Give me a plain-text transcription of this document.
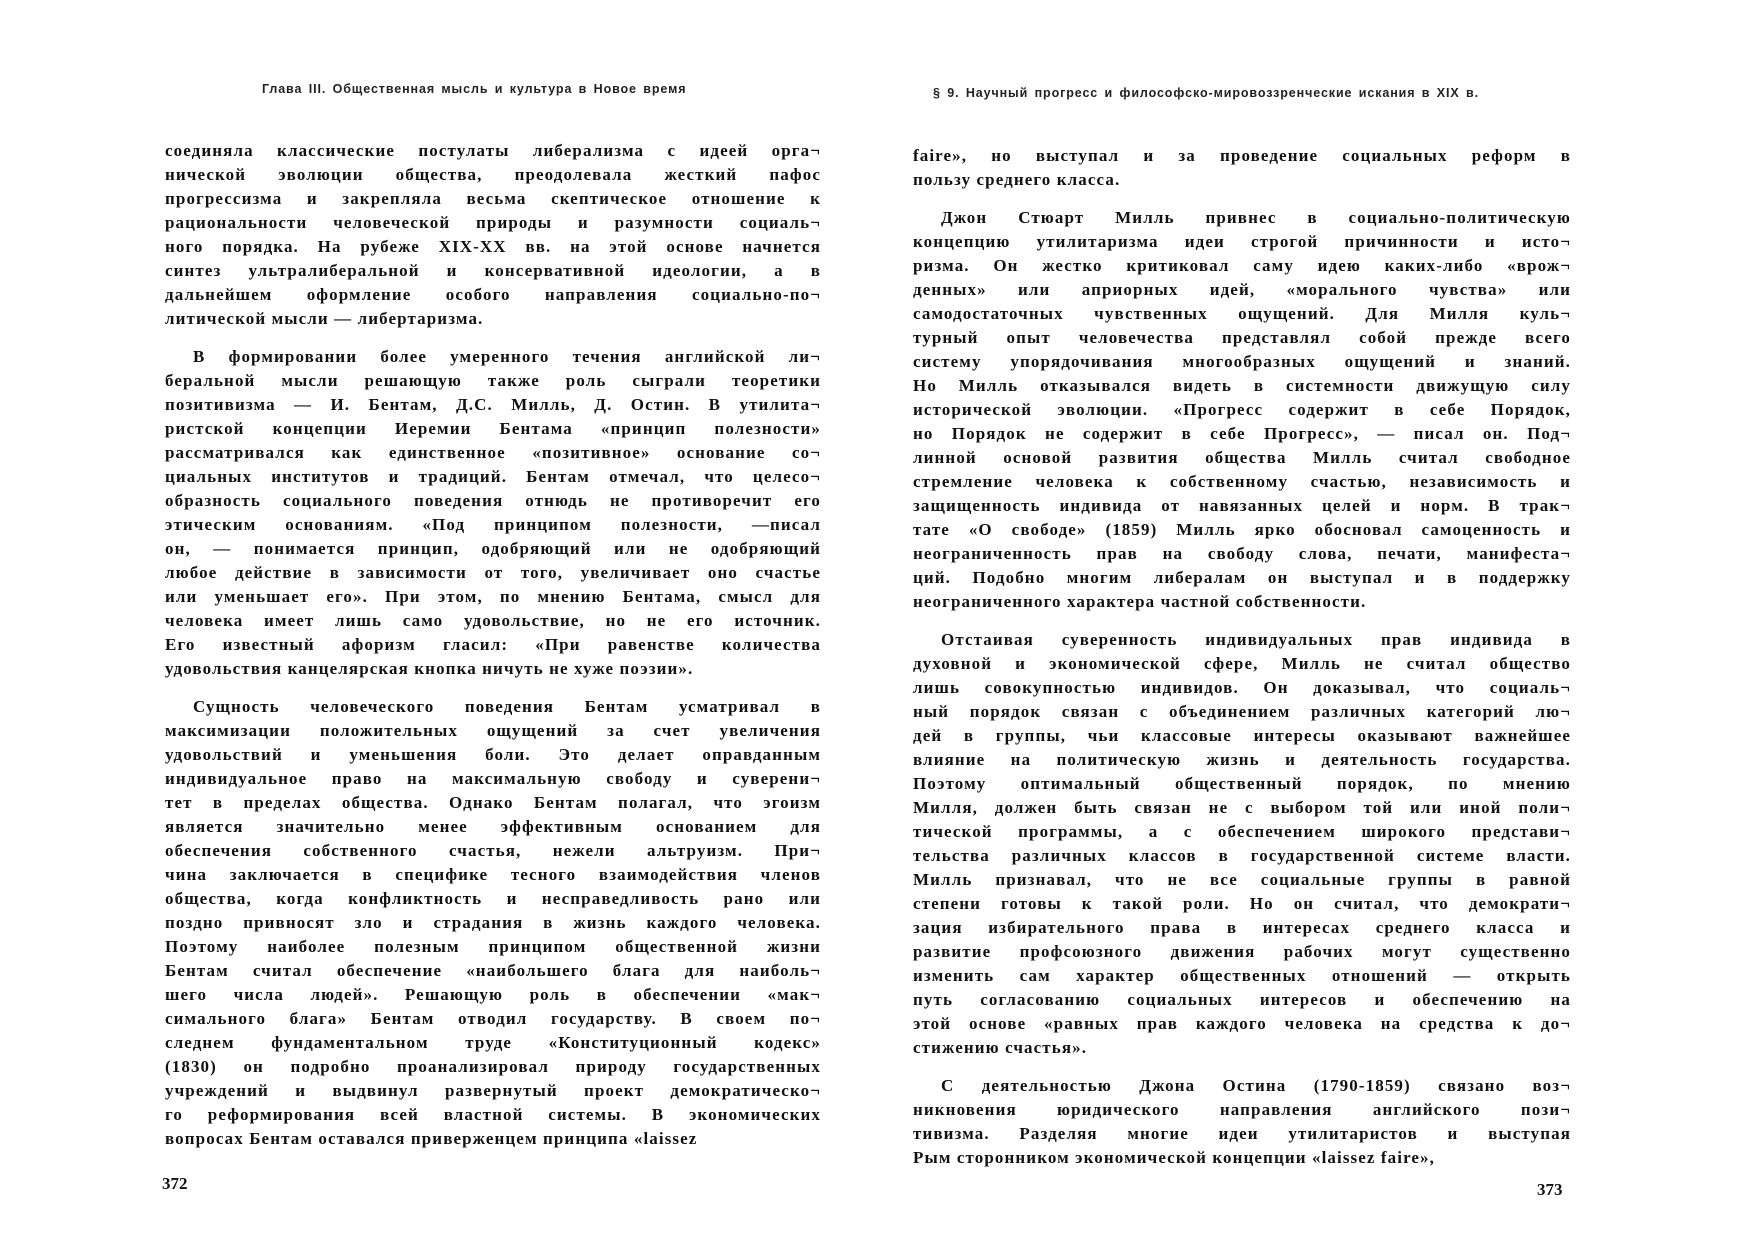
Глава III. Общественная мысль и культура в Новое время

соединяла классические постулаты либерализма с идеей орга¬
нической эволюции общества, преодолевала жесткий пафос
прогрессизма и закрепляла весьма скептическое отношение к
рациональности человеческой природы и разумности социаль¬
ного порядка. На рубеже XIX-XX вв. на этой основе начнется
синтез ультралиберальной и консервативной идеологии, а в
дальнейшем оформление особого направления социально-по¬
литической мысли — либертаризма.

В формировании более умеренного течения английской ли¬
беральной мысли решающую также роль сыграли теоретики
позитивизма — И. Бентам, Д.С. Милль, Д. Остин. В утилита¬
ристской концепции Иеремии Бентама «принцип полезности»
рассматривался как единственное «позитивное» основание со¬
циальных институтов и традиций. Бентам отмечал, что целесо¬
образность социального поведения отнюдь не противоречит его
этическим основаниям. «Под принципом полезности, —писал
он, — понимается принцип, одобряющий или не одобряющий
любое действие в зависимости от того, увеличивает оно счастье
или уменьшает его». При этом, по мнению Бентама, смысл для
человека имеет лишь само удовольствие, но не его источник.
Его известный афоризм гласил: «При равенстве количества
удовольствия канцелярская кнопка ничуть не хуже поэзии».

Сущность человеческого поведения Бентам усматривал в
максимизации положительных ощущений за счет увеличения
удовольствий и уменьшения боли. Это делает оправданным
индивидуальное право на максимальную свободу и суверени¬
тет в пределах общества. Однако Бентам полагал, что эгоизм
является значительно менее эффективным основанием для
обеспечения собственного счастья, нежели альтруизм. При¬
чина заключается в специфике тесного взаимодействия членов
общества, когда конфликтность и несправедливость рано или
поздно привносят зло и страдания в жизнь каждого человека.
Поэтому наиболее полезным принципом общественной жизни
Бентам считал обеспечение «наибольшего блага для наиболь¬
шего числа людей». Решающую роль в обеспечении «мак¬
симального блага» Бентам отводил государству. В своем по¬
следнем фундаментальном труде «Конституционный кодекс»
(1830) он подробно проанализировал природу государственных
учреждений и выдвинул развернутый проект демократическо¬
го реформирования всей властной системы. В экономических
вопросах Бентам оставался приверженцем принципа «laissez

372
§ 9. Научный прогресс и философско-мировоззренческие искания в XIX в.

faire», но выступал и за проведение социальных реформ в
пользу среднего класса.

Джон Стюарт Милль привнес в социально-политическую
концепцию утилитаризма идеи строгой причинности и исто¬
ризма. Он жестко критиковал саму идею каких-либо «врож¬
денных» или априорных идей, «морального чувства» или
самодостаточных чувственных ощущений. Для Милля куль¬
турный опыт человечества представлял собой прежде всего
систему упорядочивания многообразных ощущений и знаний.
Но Милль отказывался видеть в системности движущую силу
исторической эволюции. «Прогресс содержит в себе Порядок,
но Порядок не содержит в себе Прогресс», — писал он. Под¬
линной основой развития общества Милль считал свободное
стремление человека к собственному счастью, независимость и
защищенность индивида от навязанных целей и норм. В трак¬
тате «О свободе» (1859) Милль ярко обосновал самоценность и
неограниченность прав на свободу слова, печати, манифеста¬
ций. Подобно многим либералам он выступал и в поддержку
неограниченного характера частной собственности.

Отстаивая суверенность индивидуальных прав индивида в
духовной и экономической сфере, Милль не считал общество
лишь совокупностью индивидов. Он доказывал, что социаль¬
ный порядок связан с объединением различных категорий лю¬
дей в группы, чьи классовые интересы оказывают важнейшее
влияние на политическую жизнь и деятельность государства.
Поэтому оптимальный общественный порядок, по мнению
Милля, должен быть связан не с выбором той или иной поли¬
тической программы, а с обеспечением широкого представи¬
тельства различных классов в государственной системе власти.
Милль признавал, что не все социальные группы в равной
степени готовы к такой роли. Но он считал, что демократи¬
зация избирательного права в интересах среднего класса и
развитие профсоюзного движения рабочих могут существенно
изменить сам характер общественных отношений — открыть
путь согласованию социальных интересов и обеспечению на
этой основе «равных прав каждого человека на средства к до¬
стижению счастья».

С деятельностью Джона Остина (1790-1859) связано воз¬
никновения юридического направления английского пози¬
тивизма. Разделяя многие идеи утилитаристов и выступая
Рым сторонником экономической концепции «laissez faire»,

373
